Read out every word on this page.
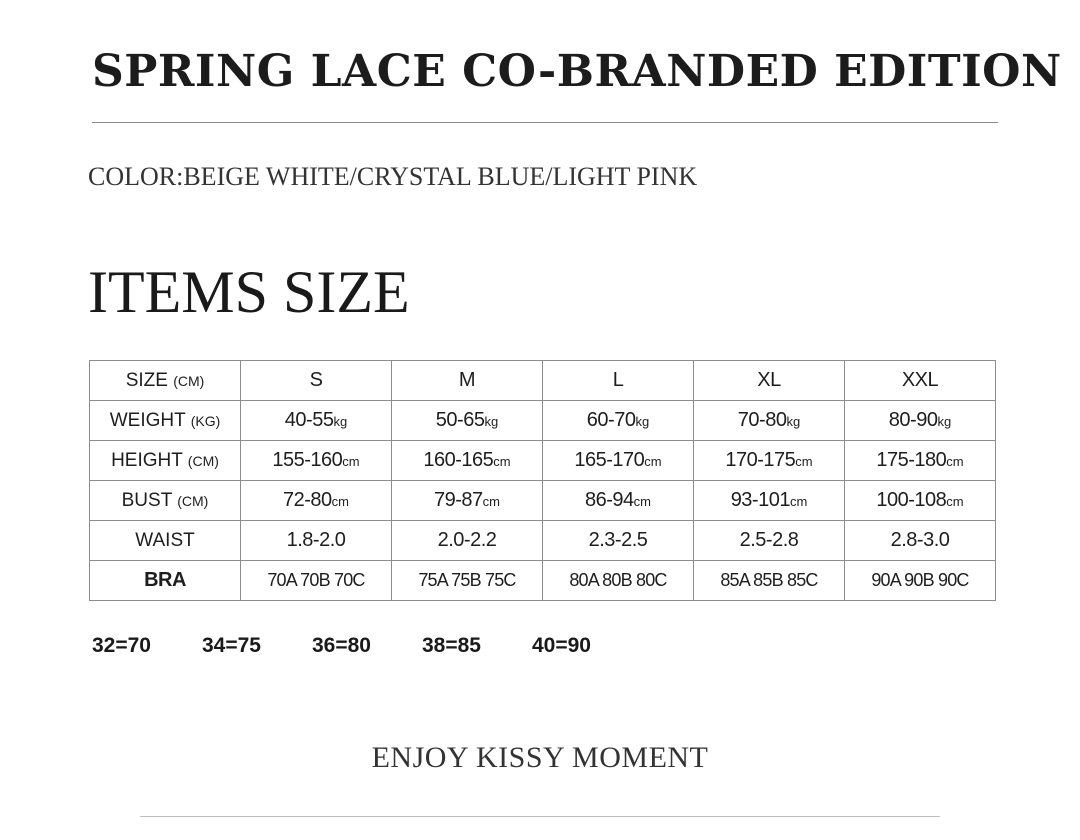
SPRING LACE CO-BRANDED EDITION
COLOR:BEIGE WHITE/CRYSTAL BLUE/LIGHT PINK
ITEMS SIZE
SIZE (CM)	S	M	L	XL	XXL
WEIGHT (KG)	40-55kg	50-65kg	60-70kg	70-80kg	80-90kg
HEIGHT (CM)	155-160cm	160-165cm	165-170cm	170-175cm	175-180cm
BUST (CM)	72-80cm	79-87cm	86-94cm	93-101cm	100-108cm
WAIST	1.8-2.0	2.0-2.2	2.3-2.5	2.5-2.8	2.8-3.0
BRA	70A 70B 70C	75A 75B 75C	80A 80B 80C	85A 85B 85C	90A 90B 90C
32=70 34=75 36=80 38=85 40=90
ENJOY KISSY MOMENT
